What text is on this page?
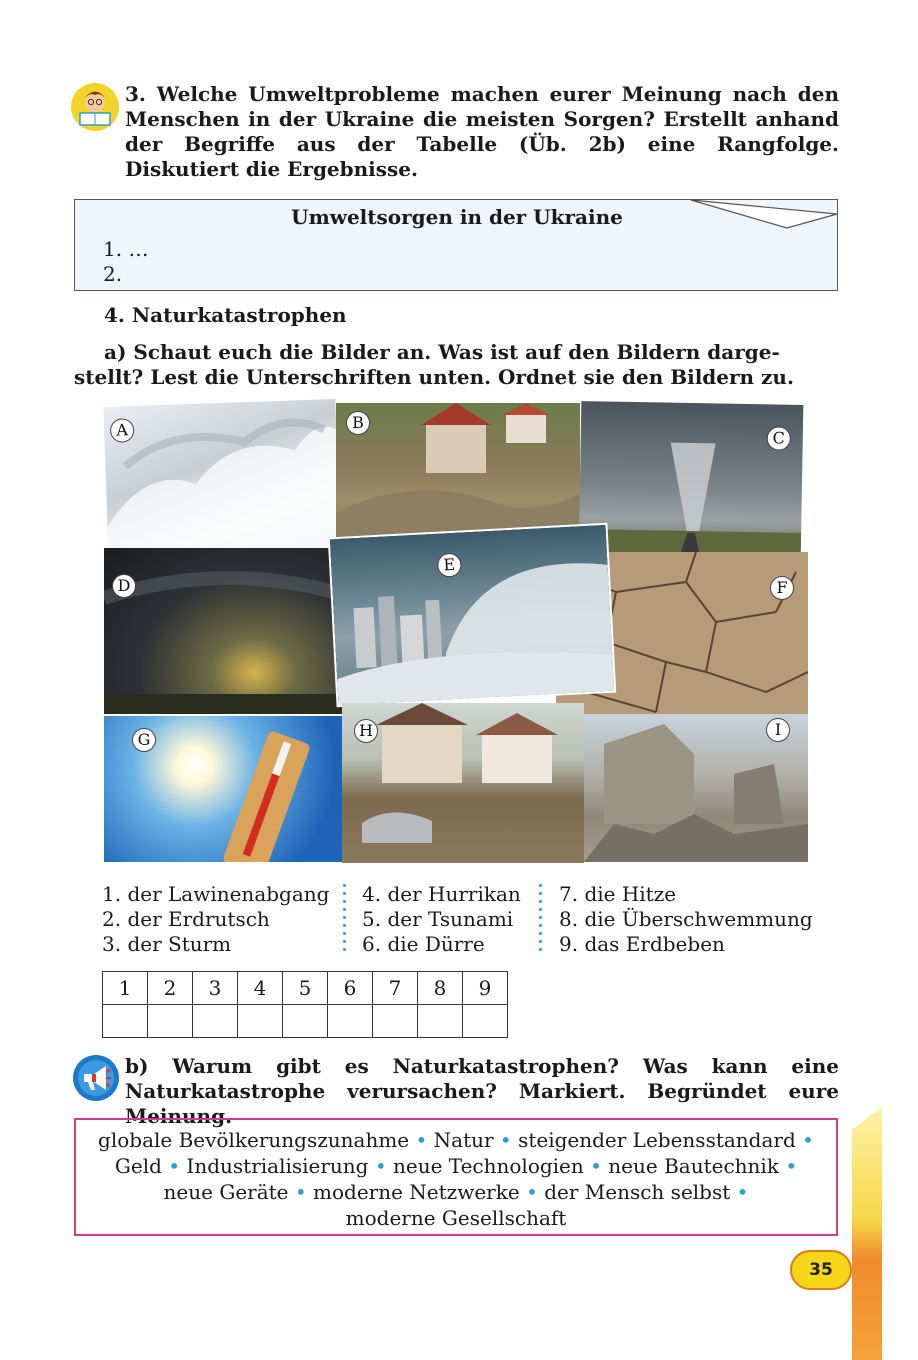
3. Welche Umweltprobleme machen eurer Meinung nach den Menschen in der Ukraine die meisten Sorgen? Erstellt anhand der Begriffe aus der Tabelle (Üb. 2b) eine Rangfolge. Diskutiert die Ergebnisse.
Umweltsorgen in der Ukraine
1. …
2.
4. Naturkatastrophen
a) Schaut euch die Bilder an. Was ist auf den Bildern darge-
stellt? Lest die Unterschriften unten. Ordnet sie den Bildern zu.
A	B
C
D	F
E
G	H	I
1. der Lawinenabgang
2. der Erdrutsch
3. der Sturm
4. der Hurrikan
5. der Tsunami
6. die Dürre
7. die Hitze
8. die Überschwemmung
9. das Erdbeben
1	2	3	4	5	6	7	8	9

b) Warum gibt es Naturkatastrophen? Was kann eine Naturkatastrophe verursachen? Markiert. Begründet eure Meinung.
globale Bevölkerungszunahme • Natur • steigender Lebensstandard •
Geld • Industrialisierung • neue Technologien • neue Bautechnik •
neue Geräte • moderne Netzwerke • der Mensch selbst •
moderne Gesellschaft
35
